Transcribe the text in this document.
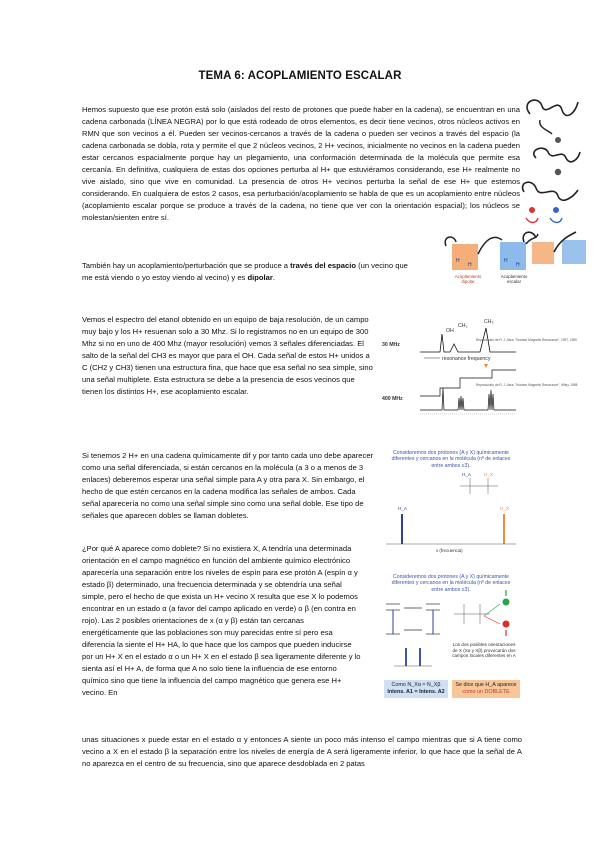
TEMA 6: ACOPLAMIENTO ESCALAR
Hemos supuesto que ese protón está solo (aislados del resto de protones que puede haber en la cadena), se encuentran en una cadena carbonada (LÍNEA NEGRA) por lo que está rodeado de otros elementos, es decir tiene vecinos, otros núcleos activos en RMN que son vecinos a él. Pueden ser vecinos-cercanos a través de la cadena o pueden ser vecinos a través del espacio (la cadena carbonada se dobla, rota y permite el que 2 núcleos vecinos, 2 H+ vecinos, inicialmente no vecinos en la cadena pueden estar cercanos espacialmente porque hay un plegamiento, una conformación determinada de la molécula que permite esa cercanía. En definitiva, cualquiera de estas dos opciones perturba al H+ que estuviéramos considerando, ese H+ realmente no vive aislado, sino que vive en comunidad. La presencia de otros H+ vecinos perturba la señal de ese H+ que estemos considerando. En cualquiera de estos 2 casos, esa perturbación/acoplamiento se habla de que es un acoplamiento entre núcleos (acoplamiento escalar porque se produce a través de la cadena, no tiene que ver con la orientación espacial); los núcleos se molestan/sienten entre sí.
También hay un acoplamiento/perturbación que se produce a través del espacio (un vecino que me está viendo o yo estoy viendo al vecino) y es dipolar.
H
H
H
H
Acoplamiento dipolar
Acoplamiento escalar
Vemos el espectro del etanol obtenido en un equipo de baja resolución, de un campo muy bajo y los H+ resuenan solo a 30 Mhz. Si lo registramos no en un equipo de 300 Mhz si no en uno de 400 Mhz (mayor resolución) vemos 3 señales diferenciadas. El salto de la señal del CH3 es mayor que para el OH. Cada señal de estos H+ unidos a C (CH2 y CH3) tienen una estructura fina, que hace que esa señal no sea simple, sino una señal multiplete. Esta estructura se debe a la presencia de esos vecinos que tienen los distintos H+, ese acoplamiento escalar.
30 MHz
400 MHz
OH
CH₂
CH₃
resonance frequency
Reproducido de R. J. Abra, "Nuclear Magnetic Resonance", 1997, 1980
Reproducido de R. J. Abra, "Nuclear Magnetic Resonance", Wiley, 1988
Si tenemos 2 H+ en una cadena químicamente dif y por tanto cada uno debe aparecer como una señal diferenciada, si están cercanos en la molécula (a 3 o a menos de 3 enlaces) deberemos esperar una señal simple para A y otra para X. Sin embargo, el hecho de que estén cercanos en la cadena modifica las señales de ambos. Cada señal aparecería no como una señal simple sino como una señal doble. Ese tipo de señales que aparecen dobles se llaman dobletes.
¿Por qué A aparece como doblete? Si no existiera X, A tendría una determinada orientación en el campo magnético en función del ambiente químico electrónico aparecería una separación entre los niveles de espín para ese protón A (espín α y estado β) determinado, una frecuencia determinada y se obtendría una señal simple, pero el hecho de que exista un H+ vecino X resulta que ese X lo podemos encontrar en un estado α (a favor del campo aplicado en verde) o β (en contra en rojo). Las 2 posibles orientaciones de x (α y β) están tan cercanas energéticamente que las poblaciones son muy parecidas entre sí pero esa diferencia la siente el H+ HA, lo que hace que los campos que pueden inducirse por un H+ X en el estado α o un H+ X en el estado β sea ligeramente diferente y lo sienta así el H+ A, de forma que A no solo tiene la influencia de ese entorno químico sino que tiene la influencia del campo magnético que genera ese H+ vecino. En
unas situaciones x puede estar en el estado α y entonces A siente un poco más intenso el campo mientras que si A tiene como vecino a X en el estado β la separación entre los niveles de energía de A será ligeramente inferior, lo que hace que la señal de A no aparezca en el centro de su frecuencia, sino que aparece desdoblada en 2 patas
Consideremos dos protones (A y X) químicamente diferentes y cercanos en la molécula (nº de enlaces entre ambos ≤3).
H_A	H_X
H_A	H_X
ν (frecuencia)
Consideremos dos protones (A y X) químicamente diferentes y cercanos en la molécula (nº de enlaces entre ambos ≤3).
Los dos posibles orientaciones de X (Xα y Xβ) provocarán dos campos locales diferentes en A
Como N_Xα ≈ N_Xβ
Intens. A1 = Intens. A2
Se dice que H_A aparece
como un DOBLETE
